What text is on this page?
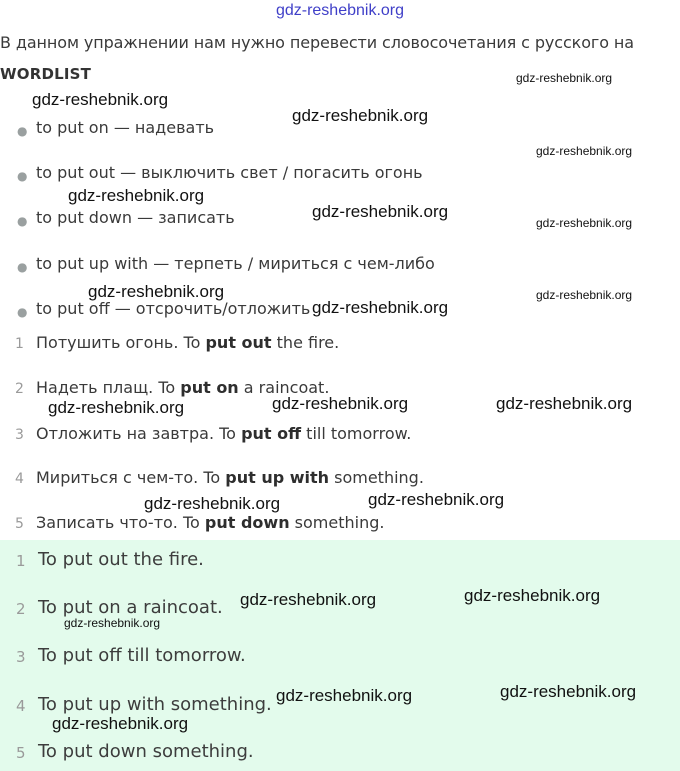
gdz-reshebnik.org
В данном упражнении нам нужно перевести словосочетания с русского на
WORDLIST
● to put on — надевать
● to put out — выключить свет / погасить огонь
● to put down — записать
● to put up with — терпеть / мириться с чем-либо
● to put off — отсрочить/отложить
1 Потушить огонь. To put out the fire.
2 Надеть плащ. To put on a raincoat.
3 Отложить на завтра. To put off till tomorrow.
4 Мириться с чем-то. To put up with something.
5 Записать что-то. To put down something.
1 To put out the fire.
2 To put on a raincoat.
3 To put off till tomorrow.
4 To put up with something.
5 To put down something.
gdz-reshebnik.org
gdz-reshebnik.org
gdz-reshebnik.org
gdz-reshebnik.org
gdz-reshebnik.org
gdz-reshebnik.org
gdz-reshebnik.org
gdz-reshebnik.org	gdz-reshebnik.org
gdz-reshebnik.org
gdz-reshebnik.org	gdz-reshebnik.org	gdz-reshebnik.org
gdz-reshebnik.org	gdz-reshebnik.org
gdz-reshebnik.org	gdz-reshebnik.org
gdz-reshebnik.org
gdz-reshebnik.org	gdz-reshebnik.org
gdz-reshebnik.org
